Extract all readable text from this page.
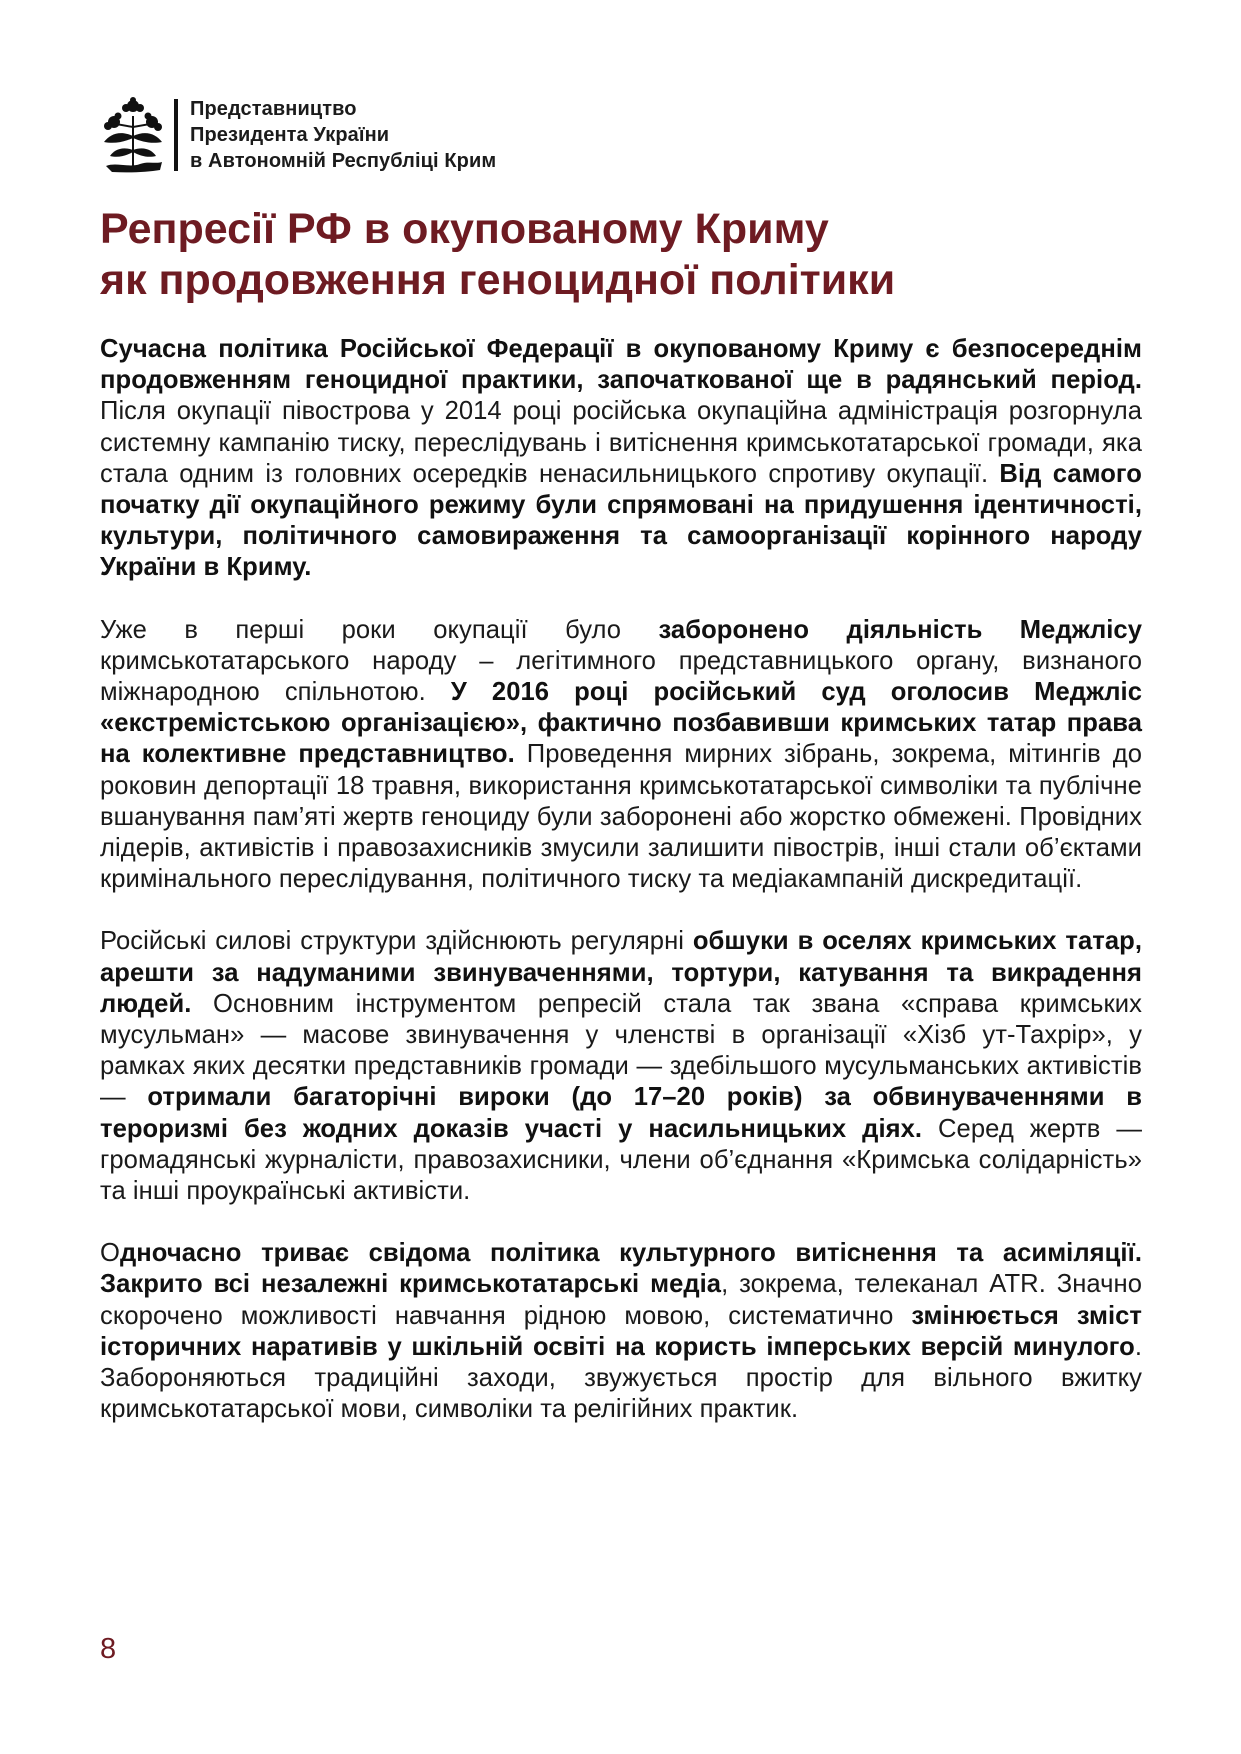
Представництво
Президента України
в Автономній Республіці Крим
Репресії РФ в окупованому Криму
як продовження геноцидної політики

Сучасна політика Російської Федерації в окупованому Криму є безпосереднім продовженням геноцидної практики, започаткованої ще в радянський період. Після окупації півострова у 2014 році російська окупаційна адміністрація розгорнула системну кампанію тиску, переслідувань і витіснення кримськотатарської громади, яка стала одним із головних осередків ненасильницького спротиву окупації. Від самого початку дії окупаційного режиму були спрямовані на придушення ідентичності, культури, політичного самовираження та самоорганізації корінного народу України в Криму.

Уже в перші роки окупації було заборонено діяльність Меджлісу кримськотатарського народу – легітимного представницького органу, визнаного міжнародною спільнотою. У 2016 році російський суд оголосив Меджліс «екстремістською організацією», фактично позбавивши кримських татар права на колективне представництво. Проведення мирних зібрань, зокрема, мітингів до роковин депортації 18 травня, використання кримськотатарської символіки та публічне вшанування пам’яті жертв геноциду були заборонені або жорстко обмежені. Провідних лідерів, активістів і правозахисників змусили залишити півострів, інші стали об’єктами кримінального переслідування, політичного тиску та медіакампаній дискредитації.

Російські силові структури здійснюють регулярні обшуки в оселях кримських татар, арешти за надуманими звинуваченнями, тортури, катування та викрадення людей. Основним інструментом репресій стала так звана «справа кримських мусульман» — масове звинувачення у членстві в організації «Хізб ут-Тахрір», у рамках яких десятки представників громади — здебільшого мусульманських активістів — отримали багаторічні вироки (до 17–20 років) за обвинуваченнями в тероризмі без жодних доказів участі у насильницьких діях. Серед жертв — громадянські журналісти, правозахисники, члени об’єднання «Кримська солідарність» та інші проукраїнські активісти.

Одночасно триває свідома політика культурного витіснення та асиміляції. Закрито всі незалежні кримськотатарські медіа, зокрема, телеканал ATR. Значно скорочено можливості навчання рідною мовою, систематично змінюється зміст історичних наративів у шкільній освіті на користь імперських версій минулого. Забороняються традиційні заходи, звужується простір для вільного вжитку кримськотатарської мови, символіки та релігійних практик.

8
